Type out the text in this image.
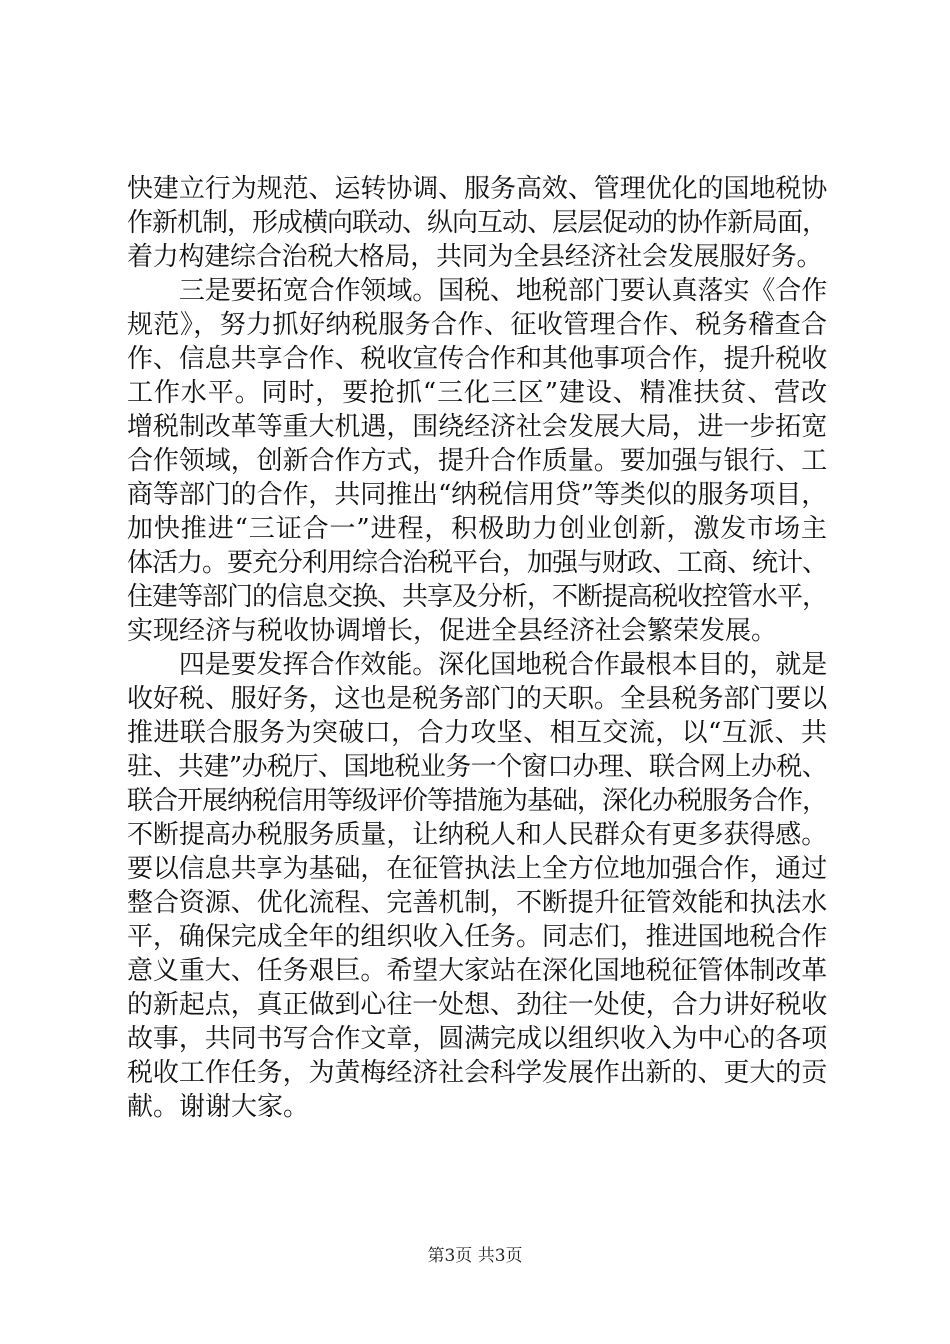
快建立行为规范、运转协调、服务高效、管理优化的国地税协
作新机制，形成横向联动、纵向互动、层层促动的协作新局面，
着力构建综合治税大格局，共同为全县经济社会发展服好务。
　　三是要拓宽合作领域。国税、地税部门要认真落实《合作
规范》，努力抓好纳税服务合作、征收管理合作、税务稽查合
作、信息共享合作、税收宣传合作和其他事项合作，提升税收
工作水平。同时，要抢抓“三化三区”建设、精准扶贫、营改
增税制改革等重大机遇，围绕经济社会发展大局，进一步拓宽
合作领域，创新合作方式，提升合作质量。要加强与银行、工
商等部门的合作，共同推出“纳税信用贷”等类似的服务项目，
加快推进“三证合一”进程，积极助力创业创新，激发市场主
体活力。要充分利用综合治税平台，加强与财政、工商、统计、
住建等部门的信息交换、共享及分析，不断提高税收控管水平，
实现经济与税收协调增长，促进全县经济社会繁荣发展。
　　四是要发挥合作效能。深化国地税合作最根本目的，就是
收好税、服好务，这也是税务部门的天职。全县税务部门要以
推进联合服务为突破口，合力攻坚、相互交流，以“互派、共
驻、共建”办税厅、国地税业务一个窗口办理、联合网上办税、
联合开展纳税信用等级评价等措施为基础，深化办税服务合作，
不断提高办税服务质量，让纳税人和人民群众有更多获得感。
要以信息共享为基础，在征管执法上全方位地加强合作，通过
整合资源、优化流程、完善机制，不断提升征管效能和执法水
平，确保完成全年的组织收入任务。同志们，推进国地税合作
意义重大、任务艰巨。希望大家站在深化国地税征管体制改革
的新起点，真正做到心往一处想、劲往一处使，合力讲好税收
故事，共同书写合作文章，圆满完成以组织收入为中心的各项
税收工作任务，为黄梅经济社会科学发展作出新的、更大的贡
献。谢谢大家。
第3页 共3页
